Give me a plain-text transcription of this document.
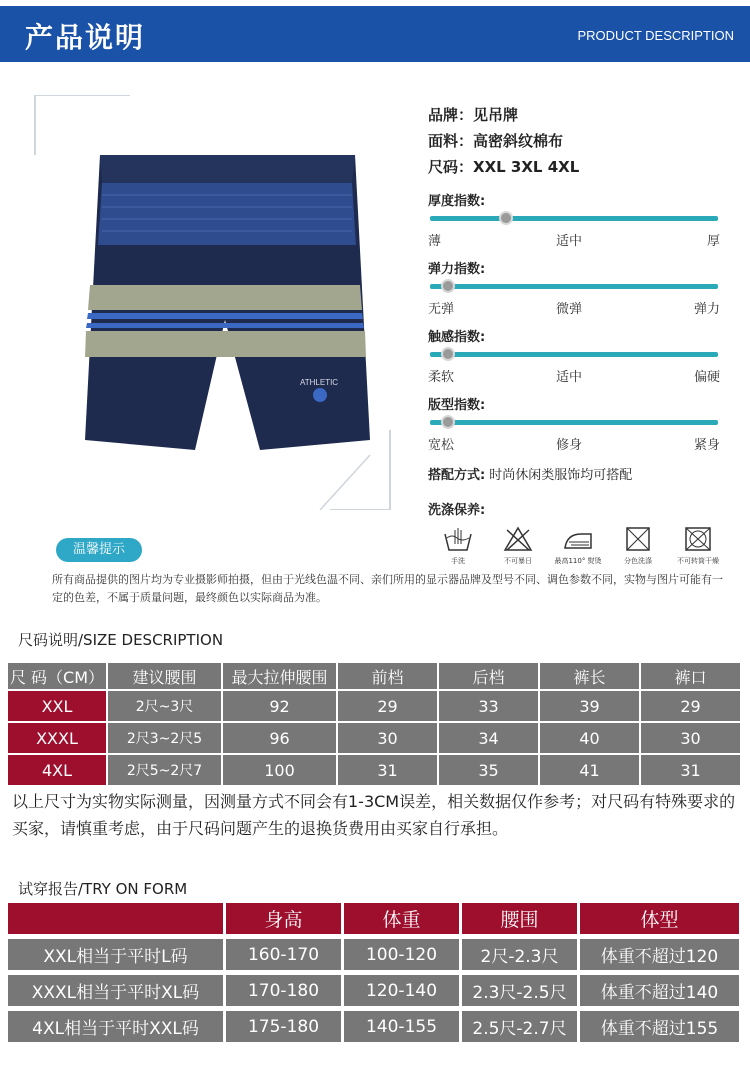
产品说明	PRODUCT DESCRIPTION
ATHLETIC
品牌：见吊牌
面料：高密斜纹棉布
尺码：XXL 3XL 4XL
厚度指数:
薄	适中	厚
弹力指数:
无弹	微弹	弹力
触感指数:
柔软	适中	偏硬
版型指数:
宽松	修身	紧身
搭配方式: 时尚休闲类服饰均可搭配
洗涤保养:
手洗	不可暴日	最高110° 熨烫	分色洗涤	不可转筒干燥
温馨提示
所有商品提供的图片均为专业摄影师拍摄，但由于光线色温不同、亲们所用的显示器品牌及型号不同、调色参数不同，实物与图片可能有一定的色差，不属于质量问题，最终颜色以实际商品为准。
尺码说明/SIZE DESCRIPTION
尺 码（CM）	建议腰围	最大拉伸腰围	前档	后档	裤长	裤口
XXL	2尺~3尺	92	29	33	39	29
XXXL	2尺3~2尺5	96	30	34	40	30
4XL	2尺5~2尺7	100	31	35	41	31
以上尺寸为实物实际测量，因测量方式不同会有1-3CM误差，相关数据仅作参考；对尺码有特殊要求的买家，请慎重考虑，由于尺码问题产生的退换货费用由买家自行承担。
试穿报告/TRY ON FORM
	身高	体重	腰围	体型
XXL相当于平时L码	160-170	100-120	2尺-2.3尺	体重不超过120
XXXL相当于平时XL码	170-180	120-140	2.3尺-2.5尺	体重不超过140
4XL相当于平时XXL码	175-180	140-155	2.5尺-2.7尺	体重不超过155
